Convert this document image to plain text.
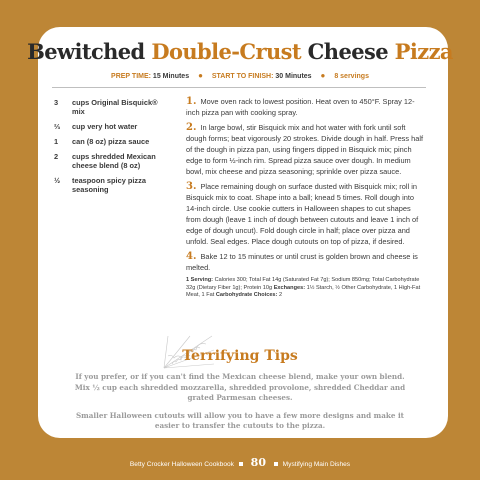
Bewitched Double-Crust Cheese Pizza
PREP TIME: 15 Minutes ● START TO FINISH: 30 Minutes ● 8 servings
3	cups Original Bisquick® mix
⅔	cup very hot water
1	can (8 oz) pizza sauce
2	cups shredded Mexican cheese blend (8 oz)
½	teaspoon spicy pizza seasoning
1. Move oven rack to lowest position. Heat oven to 450°F. Spray 12-inch pizza pan with cooking spray.
2. In large bowl, stir Bisquick mix and hot water with fork until soft dough forms; beat vigorously 20 strokes. Divide dough in half. Press half of the dough in pizza pan, using fingers dipped in Bisquick mix; pinch edge to form ½-inch rim. Spread pizza sauce over dough. In medium bowl, mix cheese and pizza seasoning; sprinkle over pizza sauce.
3. Place remaining dough on surface dusted with Bisquick mix; roll in Bisquick mix to coat. Shape into a ball; knead 5 times. Roll dough into 14-inch circle. Use cookie cutters in Halloween shapes to cut shapes from dough (leave 1 inch of dough between cutouts and leave 1 inch of edge of dough uncut). Fold dough circle in half; place over pizza and unfold. Seal edges. Place dough cutouts on top of pizza, if desired.
4. Bake 12 to 15 minutes or until crust is golden brown and cheese is melted.
1 Serving: Calories 300; Total Fat 14g (Saturated Fat 7g); Sodium 850mg; Total Carbohydrate 32g (Dietary Fiber 1g); Protein 10g Exchanges: 1½ Starch, ½ Other Carbohydrate, 1 High-Fat Meat, 1 Fat Carbohydrate Choices: 2
Terrifying Tips

If you prefer, or if you can't find the Mexican cheese blend, make your own blend. Mix ½ cup each shredded mozzarella, shredded provolone, shredded Cheddar and grated Parmesan cheeses.

Smaller Halloween cutouts will allow you to have a few more designs and make it easier to transfer the cutouts to the pizza.

Betty Crocker Halloween Cookbook 80	Mystifying Main Dishes
